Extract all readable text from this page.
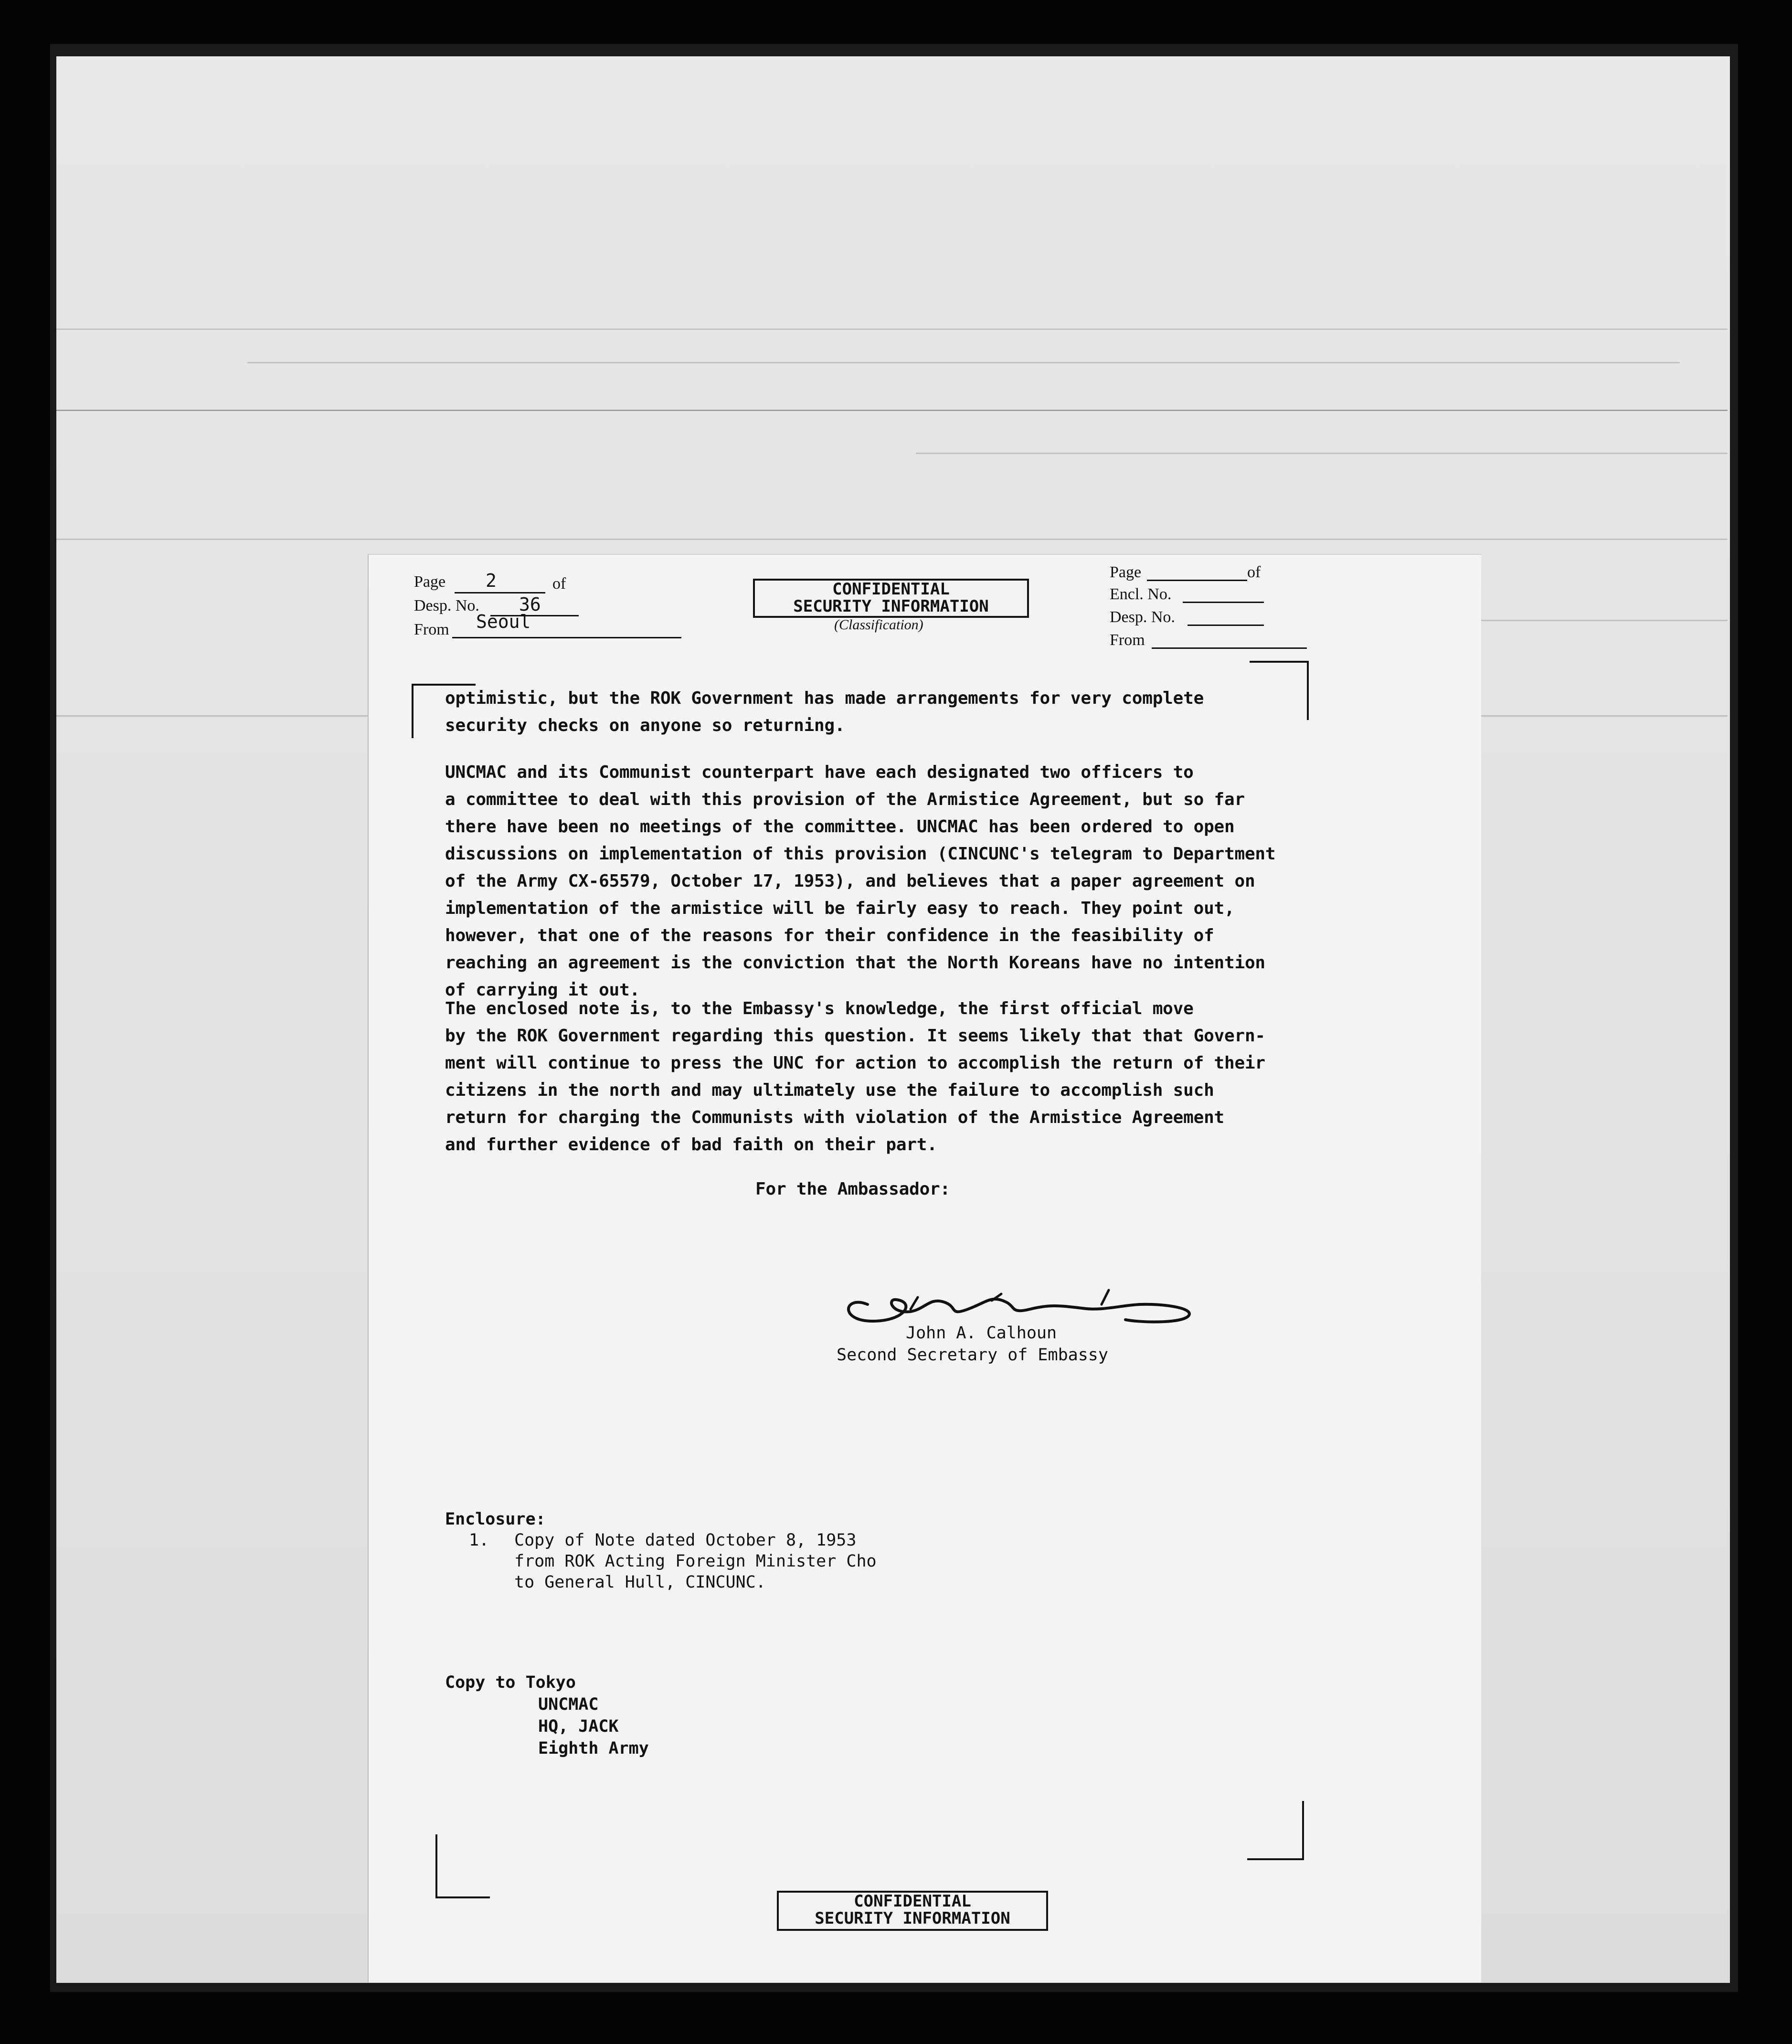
Page 2	of
Desp. No. 36
From Seoul
CONFIDENTIAL
SECURITY INFORMATION
(Classification)
Page	of
Encl. No.
Desp. No.
From
optimistic, but the ROK Government has made arrangements for very complete
security checks on anyone so returning.
UNCMAC and its Communist counterpart have each designated two officers to
a committee to deal with this provision of the Armistice Agreement, but so far
there have been no meetings of the committee. UNCMAC has been ordered to open
discussions on implementation of this provision (CINCUNC's telegram to Department
of the Army CX-65579, October 17, 1953), and believes that a paper agreement on
implementation of the armistice will be fairly easy to reach. They point out,
however, that one of the reasons for their confidence in the feasibility of
reaching an agreement is the conviction that the North Koreans have no intention
of carrying it out.
The enclosed note is, to the Embassy's knowledge, the first official move
by the ROK Government regarding this question. It seems likely that that Govern-
ment will continue to press the UNC for action to accomplish the return of their
citizens in the north and may ultimately use the failure to accomplish such
return for charging the Communists with violation of the Armistice Agreement
and further evidence of bad faith on their part.
For the Ambassador:
John A. Calhoun
Second Secretary of Embassy
Enclosure:
1. Copy of Note dated October 8, 1953
from ROK Acting Foreign Minister Cho
to General Hull, CINCUNC.
Copy to Tokyo
UNCMAC
HQ, JACK
Eighth Army
CONFIDENTIAL
SECURITY INFORMATION
